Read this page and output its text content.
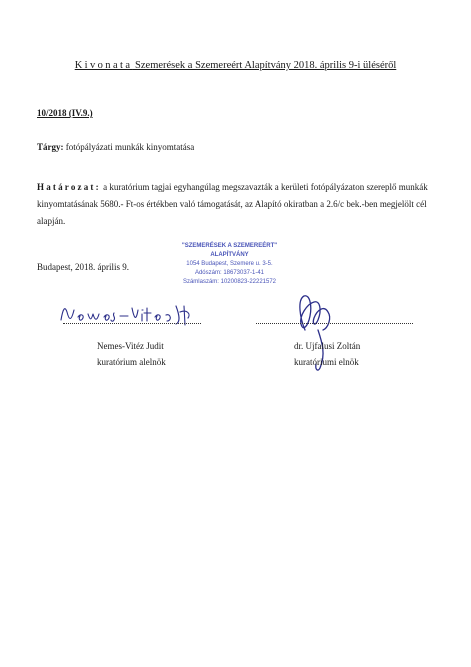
Kivonata Szemerések a Szemereért Alapítvány 2018. április 9-i üléséről
10/2018 (IV.9.)
Tárgy: fotópályázati munkák kinyomtatása
Határozat: a kuratórium tagjai egyhangúlag megszavazták a kerületi fotópályázaton szereplő munkák kinyomtatásának 5680.- Ft-os értékben való támogatását, az Alapító okiratban a 2.6/c bek.-ben megjelölt cél alapján.
Budapest, 2018. április 9.
"SZEMERÉSEK A SZEMEREÉRT"
ALAPÍTVÁNY
1054 Budapest, Szemere u. 3-5.
Adószám: 18673037-1-41
Számlaszám: 10200823-22221572
Nemes-Vitéz Judit
kuratórium alelnök
dr. Ujfalusi Zoltán
kuratóriumi elnök
